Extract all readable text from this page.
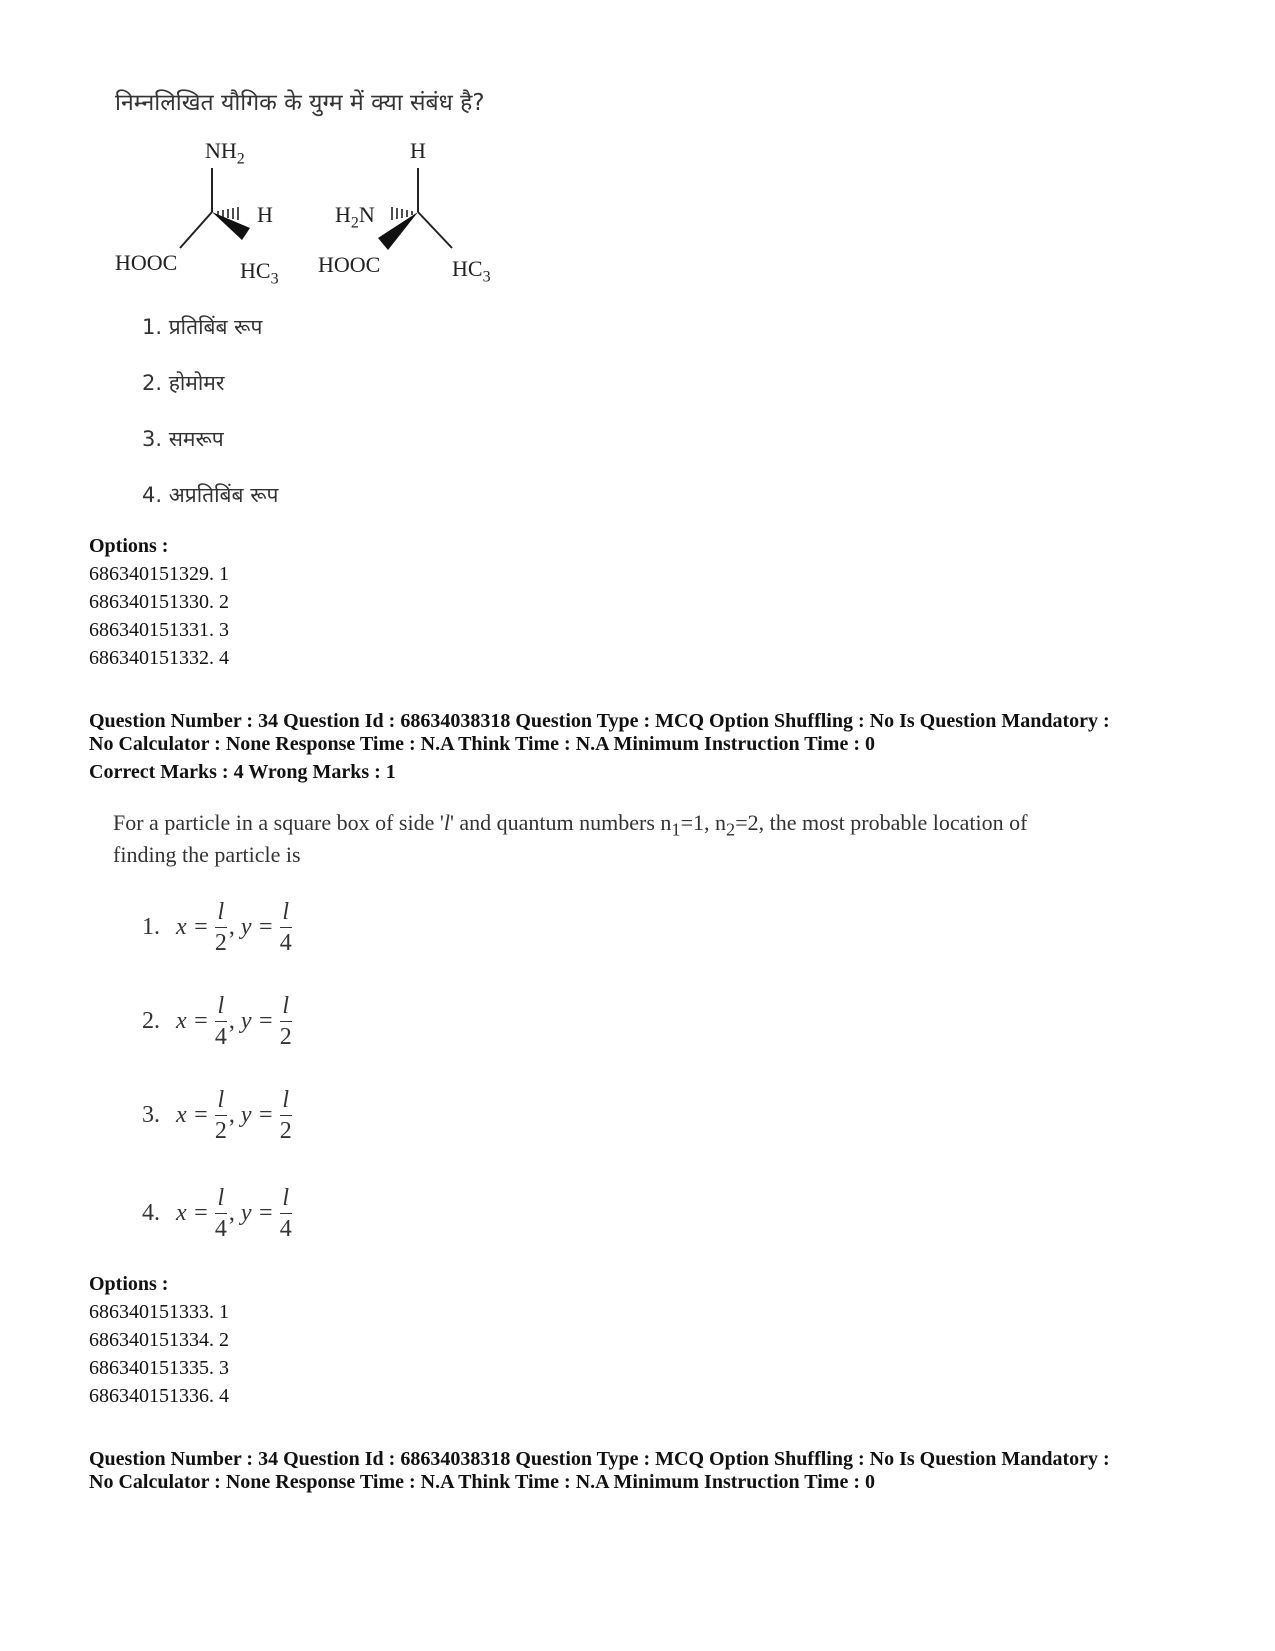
निम्नलिखित यौगिक के युग्म में क्या संबंध है?
$NH_2$
H
HOOC	$HC_3$
H
$H_2N$
HOOC	$HC_3$
1. प्रतिबिंब रूप
2. होमोमर
3. समरूप
4. अप्रतिबिंब रूप
Options :
686340151329. 1
686340151330. 2
686340151331. 3
686340151332. 4
Question Number : 34 Question Id : 68634038318 Question Type : MCQ Option Shuffling : No Is Question Mandatory :
No Calculator : None Response Time : N.A Think Time : N.A Minimum Instruction Time : 0
Correct Marks : 4 Wrong Marks : 1
For a particle in a square box of side 'l' and quantum numbers $n_1=1$, $n_2=2$, the most probable location of
finding the particle is
1. $x = \frac{l}{2}$ , $y = \frac{l}{4}$
2. $x = \frac{l}{4}$ , $y = \frac{l}{2}$
3. $x = \frac{l}{2}$ , $y = \frac{l}{2}$
4. $x = \frac{l}{4}$ , $y = \frac{l}{4}$
Options :
686340151333. 1
686340151334. 2
686340151335. 3
686340151336. 4
Question Number : 34 Question Id : 68634038318 Question Type : MCQ Option Shuffling : No Is Question Mandatory :
No Calculator : None Response Time : N.A Think Time : N.A Minimum Instruction Time : 0
